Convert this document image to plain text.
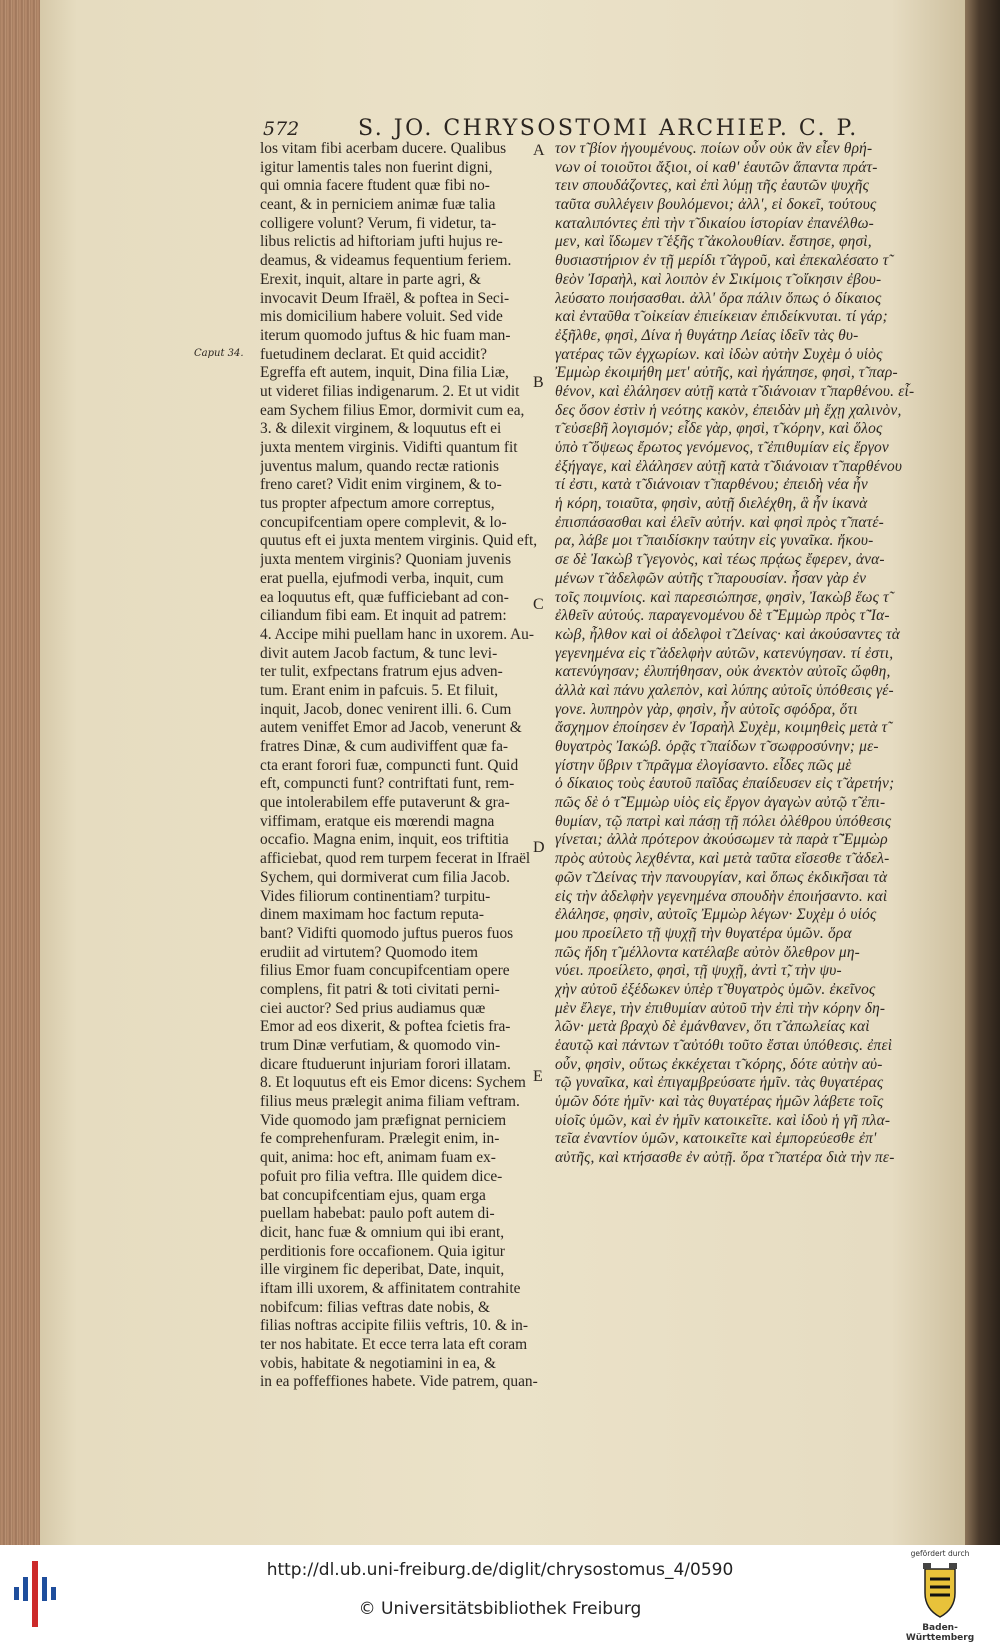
572	S. JO. CHRYSOSTOMI ARCHIEP. C. P.
Caput 34.
los vitam fibi acerbam ducere. Qualibus
igitur lamentis tales non fuerint digni,
qui omnia facere ftudent quæ fibi no-
ceant, & in perniciem animæ fuæ talia
colligere volunt? Verum, fi videtur, ta-
libus relictis ad hiftoriam jufti hujus re-
deamus, & videamus fequentium feriem.
Erexit, inquit, altare in parte agri, &
invocavit Deum Ifraël, & poftea in Seci-
mis domicilium habere voluit. Sed vide
iterum quomodo juftus & hic fuam man-
fuetudinem declarat. Et quid accidit?
Egreffa eft autem, inquit, Dina filia Liæ,
ut videret filias indigenarum. 2. Et ut vidit
eam Sychem filius Emor, dormivit cum ea,
3. & dilexit virginem, & loquutus eft ei
juxta mentem virginis. Vidifti quantum fit
juventus malum, quando rectæ rationis
freno caret? Vidit enim virginem, & to-
tus propter afpectum amore correptus,
concupifcentiam opere complevit, & lo-
quutus eft ei juxta mentem virginis. Quid eft,
juxta mentem virginis? Quoniam juvenis
erat puella, ejufmodi verba, inquit, cum
ea loquutus eft, quæ fufficiebant ad con-
ciliandum fibi eam. Et inquit ad patrem:
4. Accipe mihi puellam hanc in uxorem. Au-
divit autem Jacob factum, & tunc levi-
ter tulit, exfpectans fratrum ejus adven-
tum. Erant enim in pafcuis. 5. Et filuit,
inquit, Jacob, donec venirent illi. 6. Cum
autem veniffet Emor ad Jacob, venerunt &
fratres Dinæ, & cum audiviffent quæ fa-
cta erant forori fuæ, compuncti funt. Quid
eft, compuncti funt? contriftati funt, rem-
que intolerabilem effe putaverunt & gra-
viffimam, eratque eis mœrendi magna
occafio. Magna enim, inquit, eos triftitia
afficiebat, quod rem turpem fecerat in Ifraël
Sychem, qui dormiverat cum filia Jacob.
Vides filiorum continentiam? turpitu-
dinem maximam hoc factum reputa-
bant? Vidifti quomodo juftus pueros fuos
erudiit ad virtutem? Quomodo item
filius Emor fuam concupifcentiam opere
complens, fit patri & toti civitati perni-
ciei auctor? Sed prius audiamus quæ
Emor ad eos dixerit, & poftea fcietis fra-
trum Dinæ verfutiam, & quomodo vin-
dicare ftuduerunt injuriam forori illatam.
8. Et loquutus eft eis Emor dicens: Sychem
filius meus prælegit anima filiam veftram.
Vide quomodo jam præfignat perniciem
fe comprehenfuram. Prælegit enim, in-
quit, anima: hoc eft, animam fuam ex-
pofuit pro filia veftra. Ille quidem dice-
bat concupifcentiam ejus, quam erga
puellam habebat: paulo poft autem di-
dicit, hanc fuæ & omnium qui ibi erant,
perditionis fore occafionem. Quia igitur
ille virginem fic deperibat, Date, inquit,
iftam illi uxorem, & affinitatem contrahite
nobifcum: filias veftras date nobis, &
filias noftras accipite filiis veftris, 10. & in-
ter nos habitate. Et ecce terra lata eft coram
vobis, habitate & negotiamini in ea, &
in ea poffeffiones habete. Vide patrem, quan-
τον τ̃ βίον ἡγουμένους. ποίων οὖν οὐκ ἂν εἶεν θρή-
νων οἱ τοιοῦτοι ἄξιοι, οἱ καθ' ἑαυτῶν ἅπαντα πράτ-
τειν σπουδάζοντες, καὶ ἐπὶ λύμῃ τῆς ἑαυτῶν ψυχῆς
ταῦτα συλλέγειν βουλόμενοι; ἀλλ', εἰ δοκεῖ, τούτους
καταλιπόντες ἐπὶ τὴν τ̃ δικαίου ἱστορίαν ἐπανέλθω-
μεν, καὶ ἴδωμεν τ̃ ἑξῆς τ̃ ἀκολουθίαν. ἔστησε, φησὶ,
θυσιαστήριον ἐν τῇ μερίδι τ̃ ἀγροῦ, καὶ ἐπεκαλέσατο τ̃
θεὸν Ἰσραὴλ, καὶ λοιπὸν ἐν Σικίμοις τ̃ οἴκησιν ἐβου-
λεύσατο ποιήσασθαι. ἀλλ' ὅρα πάλιν ὅπως ὁ δίκαιος
καὶ ἐνταῦθα τ̃ οἰκείαν ἐπιείκειαν ἐπιδείκνυται. τί γάρ;
ἐξῆλθε, φησὶ, Δίνα ἡ θυγάτηρ Λείας ἰδεῖν τὰς θυ-
γατέρας τῶν ἐγχωρίων. καὶ ἰδὼν αὐτὴν Συχὲμ ὁ υἱὸς
Ἐμμὼρ ἐκοιμήθη μετ' αὐτῆς, καὶ ἠγάπησε, φησὶ, τ̃ παρ-
θένον, καὶ ἐλάλησεν αὐτῇ κατὰ τ̃ διάνοιαν τ̃ παρθένου. εἶ-
δες ὅσον ἐστὶν ἡ νεότης κακὸν, ἐπειδὰν μὴ ἔχῃ χαλινὸν,
τ̃ εὐσεβῆ λογισμόν; εἶδε γὰρ, φησὶ, τ̃ κόρην, καὶ ὅλος
ὑπὸ τ̃ ὄψεως ἔρωτος γενόμενος, τ̃ ἐπιθυμίαν εἰς ἔργον
ἐξήγαγε, καὶ ἐλάλησεν αὐτῇ κατὰ τ̃ διάνοιαν τ̃ παρθένου
τί ἐστι, κατὰ τ̃ διάνοιαν τ̃ παρθένου; ἐπειδὴ νέα ἦν
ἡ κόρη, τοιαῦτα, φησὶν, αὐτῇ διελέχθη, ἃ ἦν ἱκανὰ
ἐπισπάσασθαι καὶ ἑλεῖν αὐτήν. καὶ φησὶ πρὸς τ̃ πατέ-
ρα, λάβε μοι τ̃ παιδίσκην ταύτην εἰς γυναῖκα. ἤκου-
σε δὲ Ἰακὼβ τ̃ γεγονὸς, καὶ τέως πρᾴως ἔφερεν, ἀνα-
μένων τ̃ ἀδελφῶν αὐτῆς τ̃ παρουσίαν. ἦσαν γὰρ ἐν
τοῖς ποιμνίοις. καὶ παρεσιώπησε, φησὶν, Ἰακὼβ ἕως τ̃
ἐλθεῖν αὐτούς. παραγενομένου δὲ τ̃ Ἐμμὼρ πρὸς τ̃ Ἰα-
κὼβ, ἦλθον καὶ οἱ ἀδελφοὶ τ̃ Δείνας· καὶ ἀκούσαντες τὰ
γεγενημένα εἰς τ̃ ἀδελφὴν αὐτῶν, κατενύγησαν. τί ἐστι,
κατενύγησαν; ἐλυπήθησαν, οὐκ ἀνεκτὸν αὐτοῖς ὤφθη,
ἀλλὰ καὶ πάνυ χαλεπὸν, καὶ λύπης αὐτοῖς ὑπόθεσις γέ-
γονε. λυπηρὸν γὰρ, φησὶν, ἦν αὐτοῖς σφόδρα, ὅτι
ἄσχημον ἐποίησεν ἐν Ἰσραὴλ Συχὲμ, κοιμηθεὶς μετὰ τ̃
θυγατρὸς Ἰακώβ. ὁρᾷς τ̃ παίδων τ̃ σωφροσύνην; με-
γίστην ὕβριν τ̃ πρᾶγμα ἐλογίσαντο. εἶδες πῶς μὲ
ὁ δίκαιος τοὺς ἑαυτοῦ παῖδας ἐπαίδευσεν εἰς τ̃ ἀρετήν;
πῶς δὲ ὁ τ̃ Ἐμμὼρ υἱὸς εἰς ἔργον ἀγαγὼν αὐτῷ τ̃ ἐπι-
θυμίαν, τῷ πατρὶ καὶ πάσῃ τῇ πόλει ὀλέθρου ὑπόθεσις
γίνεται; ἀλλὰ πρότερον ἀκούσωμεν τὰ παρὰ τ̃ Ἐμμὼρ
πρὸς αὐτοὺς λεχθέντα, καὶ μετὰ ταῦτα εἴσεσθε τ̃ ἀδελ-
φῶν τ̃ Δείνας τὴν πανουργίαν, καὶ ὅπως ἐκδικῆσαι τὰ
εἰς τὴν ἀδελφὴν γεγενημένα σπουδὴν ἐποιήσαντο. καὶ
ἐλάλησε, φησὶν, αὐτοῖς Ἐμμὼρ λέγων· Συχὲμ ὁ υἱός
μου προείλετο τῇ ψυχῇ τὴν θυγατέρα ὑμῶν. ὅρα
πῶς ἤδη τ̃ μέλλοντα κατέλαβε αὐτὸν ὄλεθρον μη-
νύει. προείλετο, φησὶ, τῇ ψυχῇ, ἀντὶ τ̃, τὴν ψυ-
χὴν αὐτοῦ ἐξέδωκεν ὑπὲρ τ̃ θυγατρὸς ὑμῶν. ἐκεῖνος
μὲν ἔλεγε, τὴν ἐπιθυμίαν αὐτοῦ τὴν ἐπὶ τὴν κόρην δη-
λῶν· μετὰ βραχὺ δὲ ἐμάνθανεν, ὅτι τ̃ ἀπωλείας καὶ
ἑαυτῷ καὶ πάντων τ̃ αὐτόθι τοῦτο ἔσται ὑπόθεσις. ἐπεὶ
οὖν, φησὶν, οὕτως ἐκκέχεται τ̃ κόρης, δότε αὐτὴν αὐ-
τῷ γυναῖκα, καὶ ἐπιγαμβρεύσατε ἡμῖν. τὰς θυγατέρας
ὑμῶν δότε ἡμῖν· καὶ τὰς θυγατέρας ἡμῶν λάβετε τοῖς
υἱοῖς ὑμῶν, καὶ ἐν ἡμῖν κατοικεῖτε. καὶ ἰδοὺ ἡ γῆ πλα-
τεῖα ἐναντίον ὑμῶν, κατοικεῖτε καὶ ἐμπορεύεσθε ἐπ'
αὐτῆς, καὶ κτήσασθε ἐν αὐτῇ. ὅρα τ̃ πατέρα διὰ τὴν πε-
A
B
C
D
E
http://dl.ub.uni-freiburg.de/diglit/chrysostomus_4/0590
© Universitätsbibliothek Freiburg
gefördert durch
Baden-Württemberg
